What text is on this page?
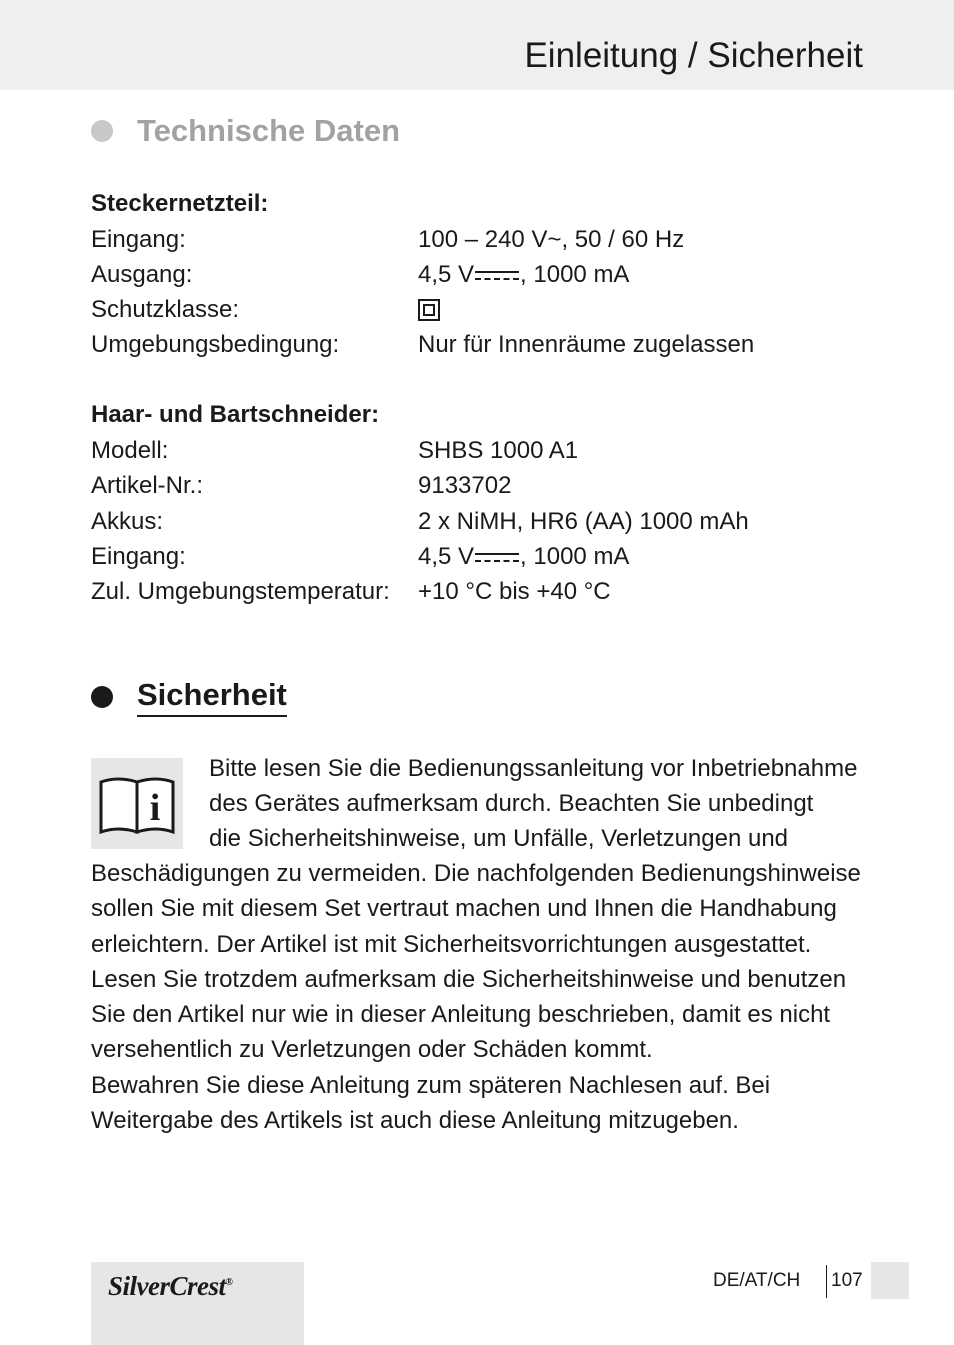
Einleitung / Sicherheit
Technische Daten
Steckernetzteil:
Eingang:	100 – 240 V~, 50 / 60 Hz
Ausgang:	4,5 V , 1000 mA
Schutzklasse:
Umgebungsbedingung:	Nur für Innenräume zugelassen
Haar- und Bartschneider:
Modell:	SHBS 1000 A1
Artikel-Nr.:	9133702
Akkus:	2 x NiMH, HR6 (AA) 1000 mAh
Eingang:	4,5 V , 1000 mA
Zul. Umgebungstemperatur: +10 °C bis +40 °C
Sicherheit
i
Bitte lesen Sie die Bedienungssanleitung vor Inbetriebnahme
des Gerätes aufmerksam durch. Beachten Sie unbedingt
die Sicherheitshinweise, um Unfälle, Verletzungen und
Beschädigungen zu vermeiden. Die nachfolgenden Bedienungshinweise
sollen Sie mit diesem Set vertraut machen und Ihnen die Handhabung
erleichtern. Der Artikel ist mit Sicherheitsvorrichtungen ausgestattet.
Lesen Sie trotzdem aufmerksam die Sicherheitshinweise und benutzen
Sie den Artikel nur wie in dieser Anleitung beschrieben, damit es nicht
versehentlich zu Verletzungen oder Schäden kommt.
Bewahren Sie diese Anleitung zum späteren Nachlesen auf. Bei
Weitergabe des Artikels ist auch diese Anleitung mitzugeben.
SilverCrest®	DE/AT/CH 107
